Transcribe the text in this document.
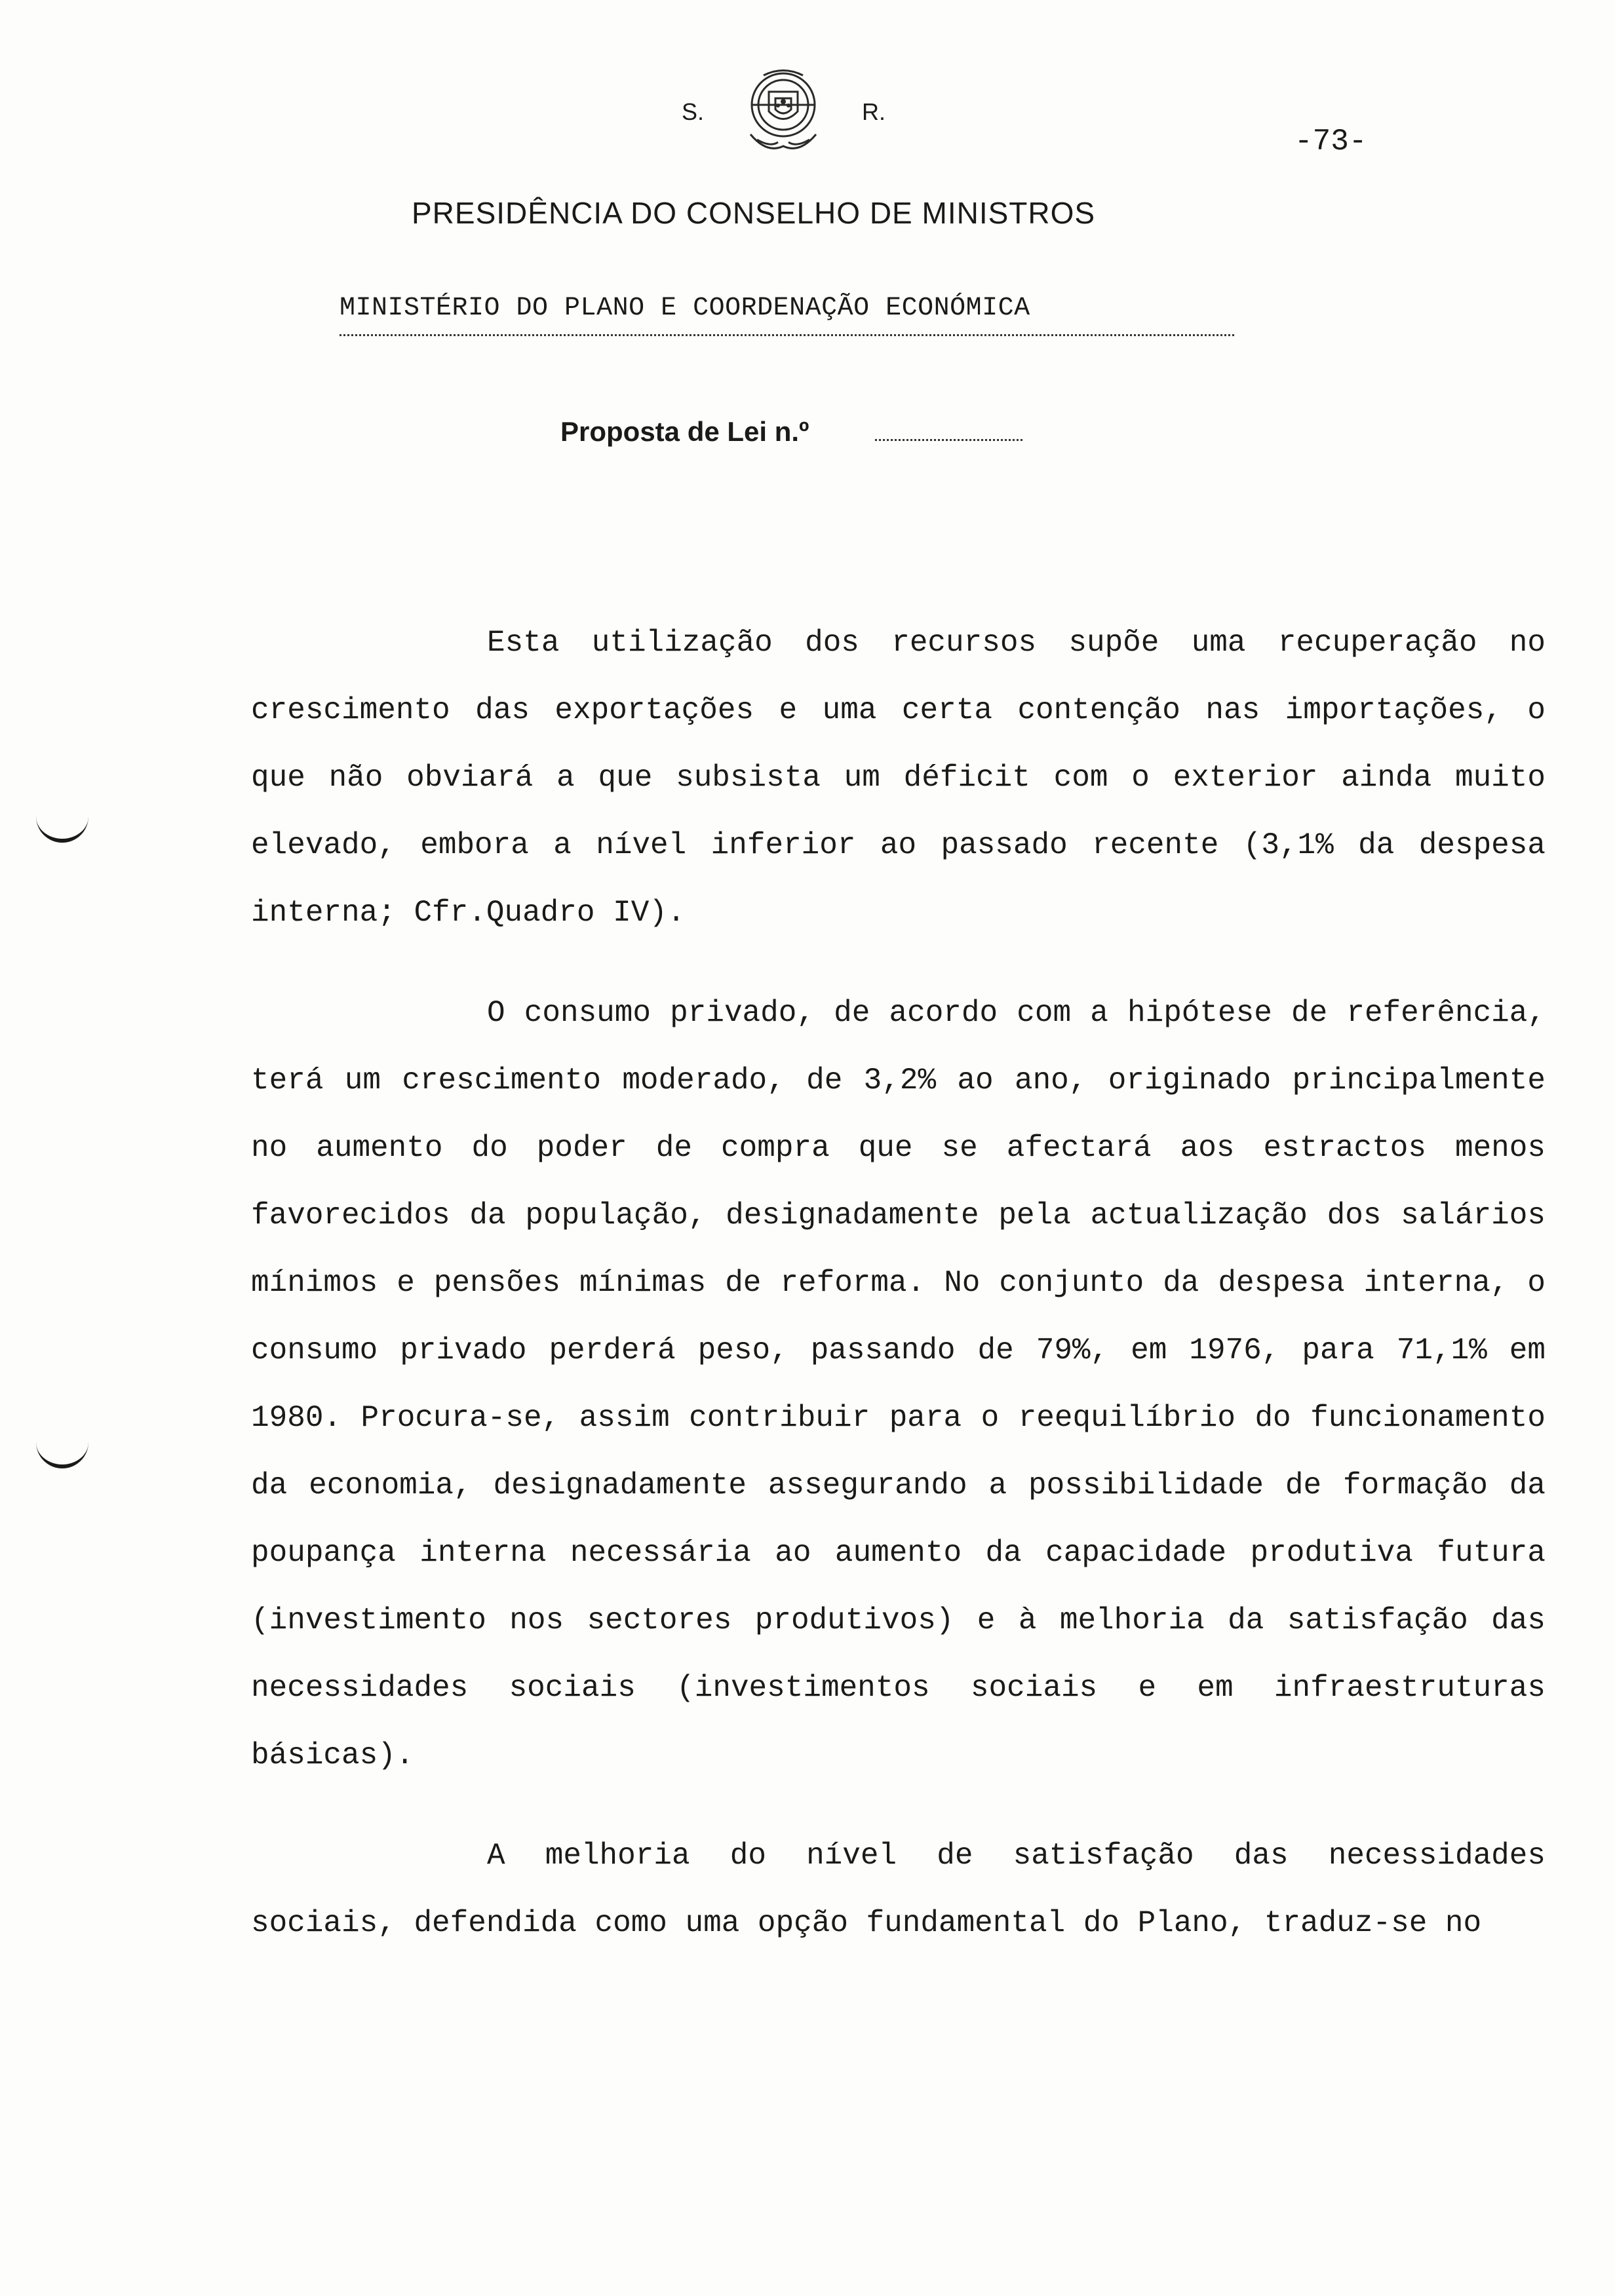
S.	R.
-73-
PRESIDÊNCIA DO CONSELHO DE MINISTROS
MINISTÉRIO DO PLANO E COORDENAÇÃO ECONÓMICA
Proposta de Lei n.º

Esta utilização dos recursos supõe uma recuperação no crescimento das exportações e uma certa contenção nas importações, o que não obviará a que subsista um déficit com o exterior ainda muito elevado, embora a nível inferior ao passado recente (3,1% da despesa interna; Cfr.Quadro IV).

O consumo privado, de acordo com a hipótese de referência, terá um crescimento moderado, de 3,2% ao ano, originado principalmente no aumento do poder de compra que se afectará aos estractos menos favorecidos da população, designadamente pela actualização dos salários mínimos e pensões mínimas de reforma. No conjunto da despesa interna, o consumo privado perderá peso, passando de 79%, em 1976, para 71,1% em 1980. Procura-se, assim contribuir para o reequilíbrio do funcionamento da economia, designadamente assegurando a possibilidade de formação da poupança interna necessária ao aumento da capacidade produtiva futura (investimento nos sectores produtivos) e à melhoria da satisfação das necessidades sociais (investimentos sociais e em infraestruturas básicas).

A melhoria do nível de satisfação das necessidades sociais, defendida como uma opção fundamental do Plano, traduz-se no
